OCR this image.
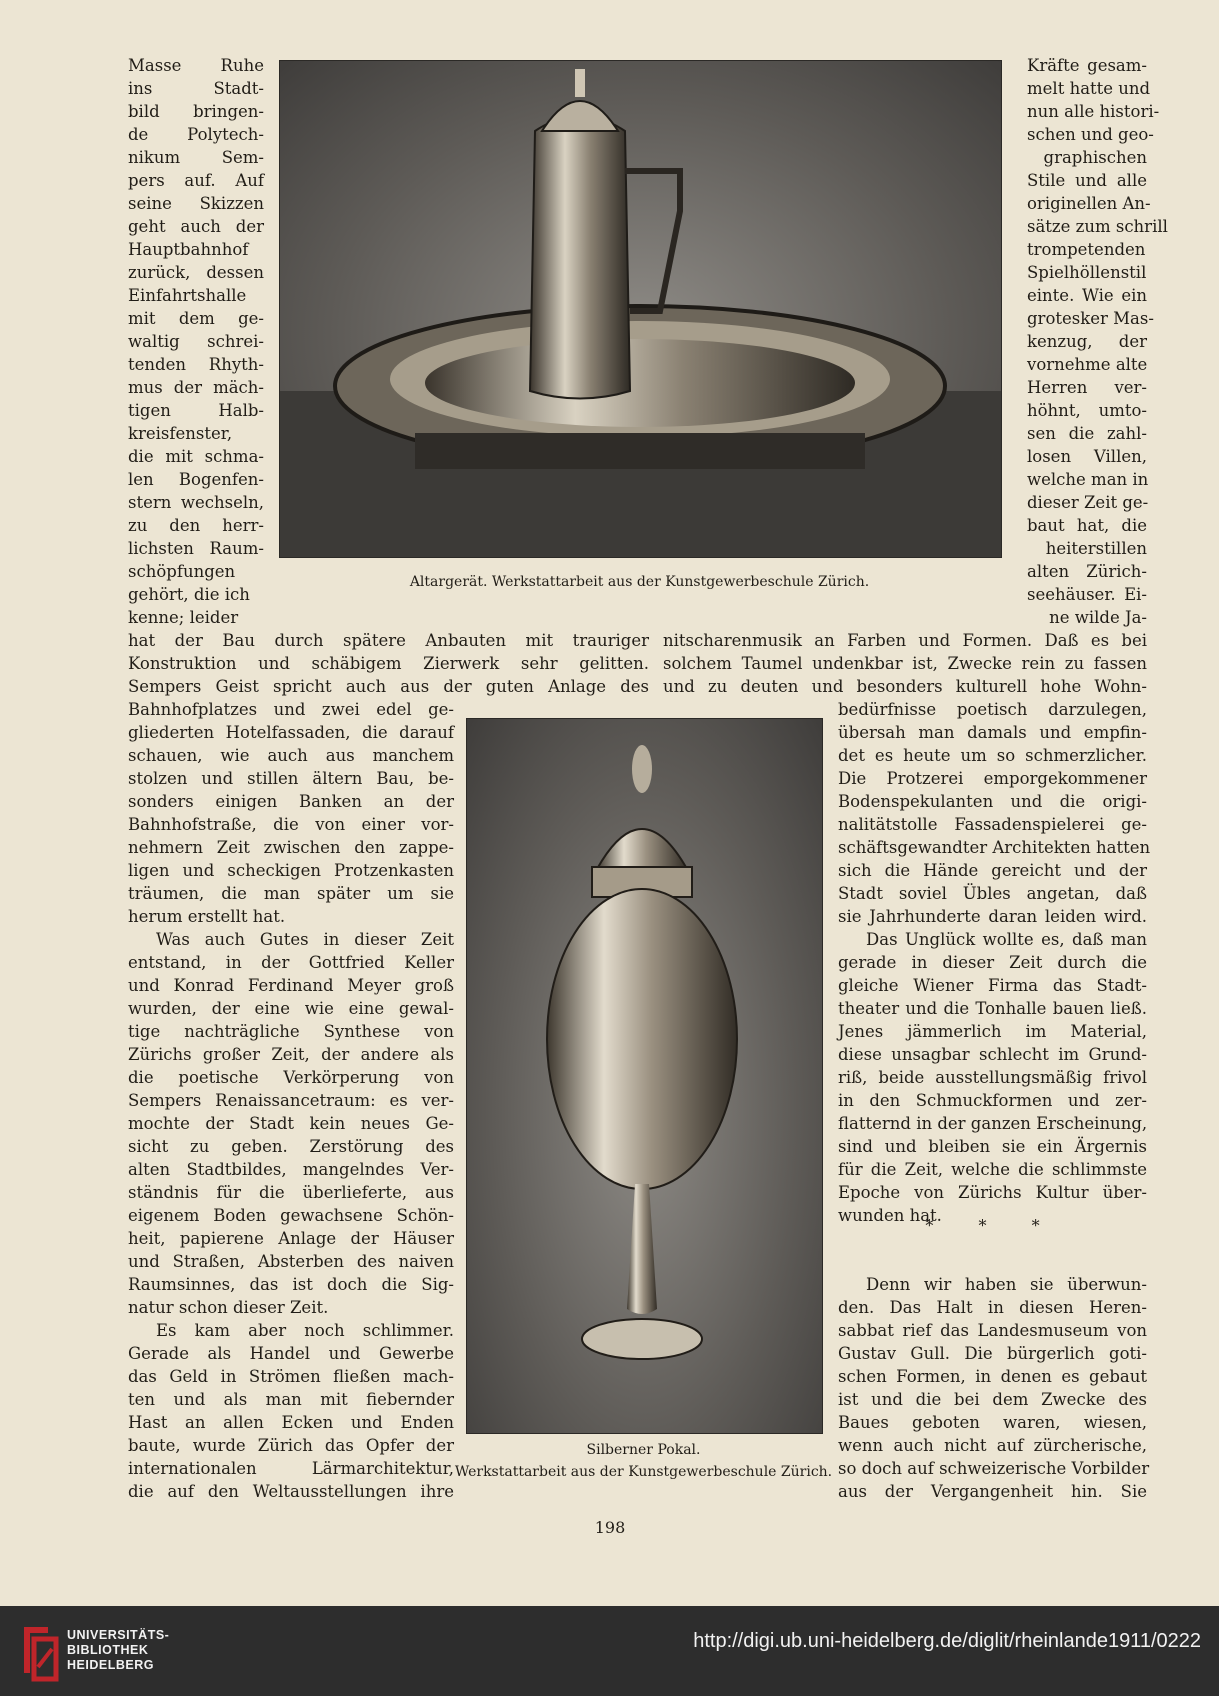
Masse Ruhe
ins Stadt-
bild bringen-
de Polytech-
nikum Sem-
pers auf. Auf
seine Skizzen
geht auch der
Hauptbahnhof
zurück, dessen
Einfahrtshalle
mit dem ge-
waltig schrei-
tenden Rhyth-
mus der mäch-
tigen Halb-
kreisfenster,
die mit schma-
len Bogenfen-
stern wechseln,
zu den herr-
lichsten Raum-
schöpfungen
gehört, die ich
kenne; leider
Kräfte gesam-
melt hatte und
nun alle histori-
schen und geo-
graphischen
Stile und alle
originellen An-
sätze zum schrill
trompetenden
Spielhöllenstil
einte. Wie ein
grotesker Mas-
kenzug, der
vornehme alte
Herren ver-
höhnt, umto-
sen die zahl-
losen Villen,
welche man in
dieser Zeit ge-
baut hat, die
heiterstillen
alten Zürich-
seehäuser. Ei-
ne wilde Ja-
hat der Bau durch spätere Anbauten mit trauriger
Konstruktion und schäbigem Zierwerk sehr gelitten.
Sempers Geist spricht auch aus der guten Anlage des
nitscharenmusik an Farben und Formen. Daß es bei
solchem Taumel undenkbar ist, Zwecke rein zu fassen
und zu deuten und besonders kulturell hohe Wohn-
Bahnhofplatzes und zwei edel ge-
gliederten Hotelfassaden, die darauf
schauen, wie auch aus manchem
stolzen und stillen ältern Bau, be-
sonders einigen Banken an der
Bahnhofstraße, die von einer vor-
nehmern Zeit zwischen den zappe-
ligen und scheckigen Protzenkasten
träumen, die man später um sie
herum erstellt hat.
Was auch Gutes in dieser Zeit
entstand, in der Gottfried Keller
und Konrad Ferdinand Meyer groß
wurden, der eine wie eine gewal-
tige nachträgliche Synthese von
Zürichs großer Zeit, der andere als
die poetische Verkörperung von
Sempers Renaissancetraum: es ver-
mochte der Stadt kein neues Ge-
sicht zu geben. Zerstörung des
alten Stadtbildes, mangelndes Ver-
ständnis für die überlieferte, aus
eigenem Boden gewachsene Schön-
heit, papierene Anlage der Häuser
und Straßen, Absterben des naiven
Raumsinnes, das ist doch die Sig-
natur schon dieser Zeit.
Es kam aber noch schlimmer.
Gerade als Handel und Gewerbe
das Geld in Strömen fließen mach-
ten und als man mit fiebernder
Hast an allen Ecken und Enden
baute, wurde Zürich das Opfer der
internationalen Lärmarchitektur,
die auf den Weltausstellungen ihre
bedürfnisse poetisch darzulegen,
übersah man damals und empfin-
det es heute um so schmerzlicher.
Die Protzerei emporgekommener
Bodenspekulanten und die origi-
nalitätstolle Fassadenspielerei ge-
schäftsgewandter Architekten hatten
sich die Hände gereicht und der
Stadt soviel Übles angetan, daß
sie Jahrhunderte daran leiden wird.
Das Unglück wollte es, daß man
gerade in dieser Zeit durch die
gleiche Wiener Firma das Stadt-
theater und die Tonhalle bauen ließ.
Jenes jämmerlich im Material,
diese unsagbar schlecht im Grund-
riß, beide ausstellungsmäßig frivol
in den Schmuckformen und zer-
flatternd in der ganzen Erscheinung,
sind und bleiben sie ein Ärgernis
für die Zeit, welche die schlimmste
Epoche von Zürichs Kultur über-
wunden hat.
Denn wir haben sie überwun-
den. Das Halt in diesen Heren-
sabbat rief das Landesmuseum von
Gustav Gull. Die bürgerlich goti-
schen Formen, in denen es gebaut
ist und die bei dem Zwecke des
Baues geboten waren, wiesen,
wenn auch nicht auf zürcherische,
so doch auf schweizerische Vorbilder
aus der Vergangenheit hin. Sie
Altargerät. Werkstattarbeit aus der Kunstgewerbeschule Zürich.
Silberner Pokal.
Werkstattarbeit aus der Kunstgewerbeschule Zürich.
* * *
198
UNIVERSITÄTS-
BIBLIOTHEK
HEIDELBERG
http://digi.ub.uni-heidelberg.de/diglit/rheinlande1911/0222
